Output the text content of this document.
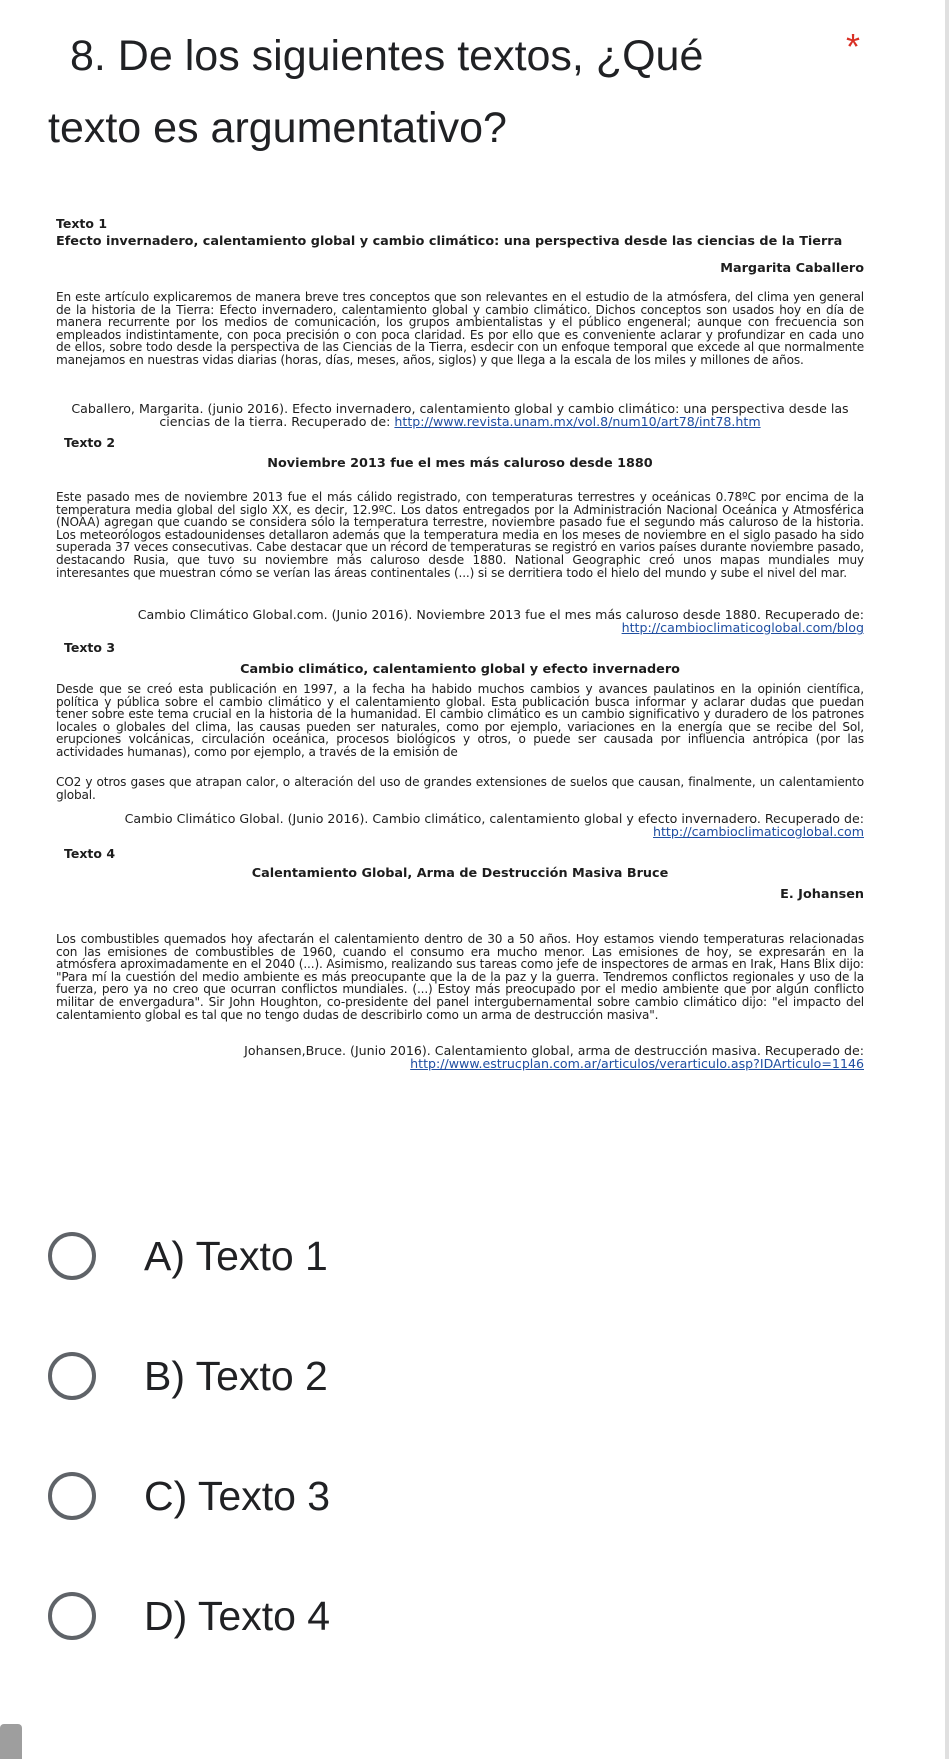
8. De los siguientes textos, ¿Qué texto es argumentativo?
*
Texto 1
Efecto invernadero, calentamiento global y cambio climático: una perspectiva desde las ciencias de la Tierra
Margarita Caballero
En este artículo explicaremos de manera breve tres conceptos que son relevantes en el estudio de la atmósfera, del clima yen general de la historia de la Tierra: Efecto invernadero, calentamiento global y cambio climático. Dichos conceptos son usados hoy en día de manera recurrente por los medios de comunicación, los grupos ambientalistas y el público engeneral; aunque con frecuencia son empleados indistintamente, con poca precisión o con poca claridad. Es por ello que es conveniente aclarar y profundizar en cada uno de ellos, sobre todo desde la perspectiva de las Ciencias de la Tierra, esdecir con un enfoque temporal que excede al que normalmente manejamos en nuestras vidas diarias (horas, días, meses, años, siglos) y que llega a la escala de los miles y millones de años.
Caballero, Margarita. (junio 2016). Efecto invernadero, calentamiento global y cambio climático: una perspectiva desde las ciencias de la tierra. Recuperado de: http://www.revista.unam.mx/vol.8/num10/art78/int78.htm
Texto 2
Noviembre 2013 fue el mes más caluroso desde 1880
Este pasado mes de noviembre 2013 fue el más cálido registrado, con temperaturas terrestres y oceánicas 0.78ºC por encima de la temperatura media global del siglo XX, es decir, 12.9ºC. Los datos entregados por la Administración Nacional Oceánica y Atmosférica (NOAA) agregan que cuando se considera sólo la temperatura terrestre, noviembre pasado fue el segundo más caluroso de la historia. Los meteorólogos estadounidenses detallaron además que la temperatura media en los meses de noviembre en el siglo pasado ha sido superada 37 veces consecutivas. Cabe destacar que un récord de temperaturas se registró en varios países durante noviembre pasado, destacando Rusia, que tuvo su noviembre más caluroso desde 1880. National Geographic creó unos mapas mundiales muy interesantes que muestran cómo se verían las áreas continentales (...) si se derritiera todo el hielo del mundo y sube el nivel del mar.
Cambio Climático Global.com. (Junio 2016). Noviembre 2013 fue el mes más caluroso desde 1880. Recuperado de:
http://cambioclimaticoglobal.com/blog
Texto 3
Cambio climático, calentamiento global y efecto invernadero
Desde que se creó esta publicación en 1997, a la fecha ha habido muchos cambios y avances paulatinos en la opinión científica, política y pública sobre el cambio climático y el calentamiento global. Esta publicación busca informar y aclarar dudas que puedan tener sobre este tema crucial en la historia de la humanidad. El cambio climático es un cambio significativo y duradero de los patrones locales o globales del clima, las causas pueden ser naturales, como por ejemplo, variaciones en la energía que se recibe del Sol, erupciones volcánicas, circulación oceánica, procesos biológicos y otros, o puede ser causada por influencia antrópica (por las actividades humanas), como por ejemplo, a través de la emisión de
CO2 y otros gases que atrapan calor, o alteración del uso de grandes extensiones de suelos que causan, finalmente, un calentamiento global.
Cambio Climático Global. (Junio 2016). Cambio climático, calentamiento global y efecto invernadero. Recuperado de:
http://cambioclimaticoglobal.com
Texto 4
Calentamiento Global, Arma de Destrucción Masiva Bruce
E. Johansen
Los combustibles quemados hoy afectarán el calentamiento dentro de 30 a 50 años. Hoy estamos viendo temperaturas relacionadas con las emisiones de combustibles de 1960, cuando el consumo era mucho menor. Las emisiones de hoy, se expresarán en la atmósfera aproximadamente en el 2040 (...). Asimismo, realizando sus tareas como jefe de inspectores de armas en Irak, Hans Blix dijo: "Para mí la cuestión del medio ambiente es más preocupante que la de la paz y la guerra. Tendremos conflictos regionales y uso de la fuerza, pero ya no creo que ocurran conflictos mundiales. (...) Estoy más preocupado por el medio ambiente que por algún conflicto militar de envergadura". Sir John Houghton, co-presidente del panel intergubernamental sobre cambio climático dijo: "el impacto del calentamiento global es tal que no tengo dudas de describirlo como un arma de destrucción masiva".
Johansen,Bruce. (Junio 2016). Calentamiento global, arma de destrucción masiva. Recuperado de:
http://www.estrucplan.com.ar/articulos/verarticulo.asp?IDArticulo=1146
A) Texto 1
B) Texto 2
C) Texto 3
D) Texto 4
